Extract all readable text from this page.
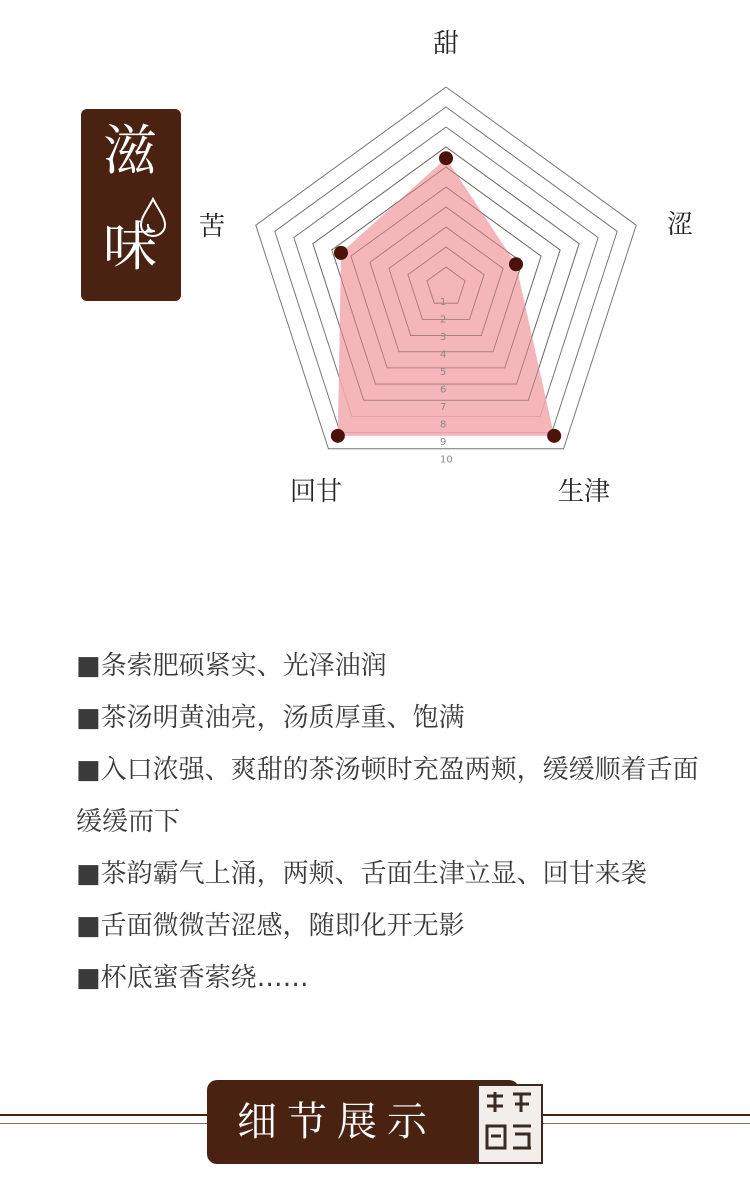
滋
味
1
2
3
4
5
6
7
8
9
10
甜
涩
生津
回甘
苦

■条索肥硕紧实、光泽油润

■茶汤明黄油亮，汤质厚重、饱满

■入口浓强、爽甜的茶汤顿时充盈两颊，缓缓顺着舌面缓缓而下

■茶韵霸气上涌，两颊、舌面生津立显、回甘来袭

■舌面微微苦涩感，随即化开无影

■杯底蜜香萦绕……

细节展示
